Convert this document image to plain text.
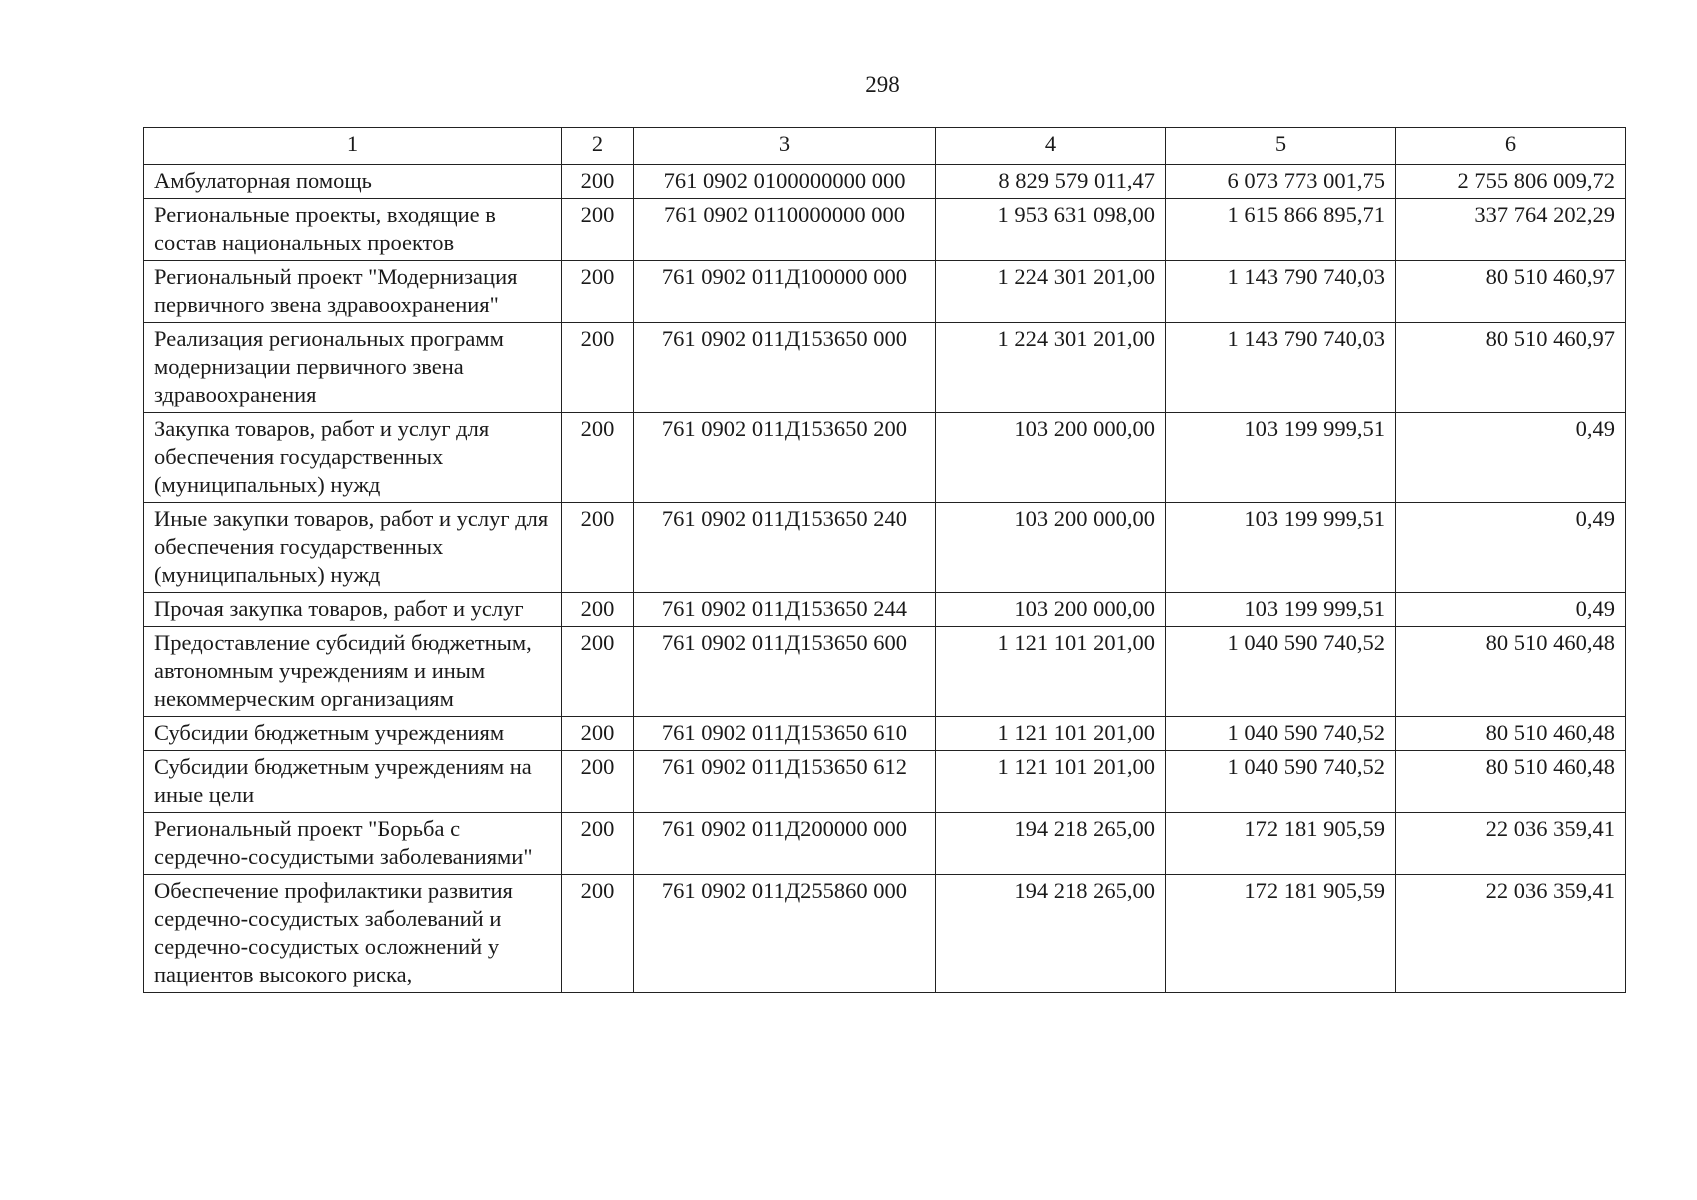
298
1	2	3	4	5	6
Амбулаторная помощь	200	761 0902 0100000000 000	8 829 579 011,47	6 073 773 001,75	2 755 806 009,72
Региональные проекты, входящие в состав национальных проектов	200	761 0902 0110000000 000	1 953 631 098,00	1 615 866 895,71	337 764 202,29
Региональный проект "Модернизация первичного звена здравоохранения"	200	761 0902 011Д100000 000	1 224 301 201,00	1 143 790 740,03	80 510 460,97
Реализация региональных программ модернизации первичного звена здравоохранения	200	761 0902 011Д153650 000	1 224 301 201,00	1 143 790 740,03	80 510 460,97
Закупка товаров, работ и услуг для обеспечения государственных (муниципальных) нужд	200	761 0902 011Д153650 200	103 200 000,00	103 199 999,51	0,49
Иные закупки товаров, работ и услуг для обеспечения государственных (муниципальных) нужд	200	761 0902 011Д153650 240	103 200 000,00	103 199 999,51	0,49
Прочая закупка товаров, работ и услуг	200	761 0902 011Д153650 244	103 200 000,00	103 199 999,51	0,49
Предоставление субсидий бюджетным, автономным учреждениям и иным некоммерческим организациям	200	761 0902 011Д153650 600	1 121 101 201,00	1 040 590 740,52	80 510 460,48
Субсидии бюджетным учреждениям	200	761 0902 011Д153650 610	1 121 101 201,00	1 040 590 740,52	80 510 460,48
Субсидии бюджетным учреждениям на иные цели	200	761 0902 011Д153650 612	1 121 101 201,00	1 040 590 740,52	80 510 460,48
Региональный проект "Борьба с сердечно-сосудистыми заболеваниями"	200	761 0902 011Д200000 000	194 218 265,00	172 181 905,59	22 036 359,41
Обеспечение профилактики развития сердечно-сосудистых заболеваний и сердечно-сосудистых осложнений у пациентов высокого риска,	200	761 0902 011Д255860 000	194 218 265,00	172 181 905,59	22 036 359,41
